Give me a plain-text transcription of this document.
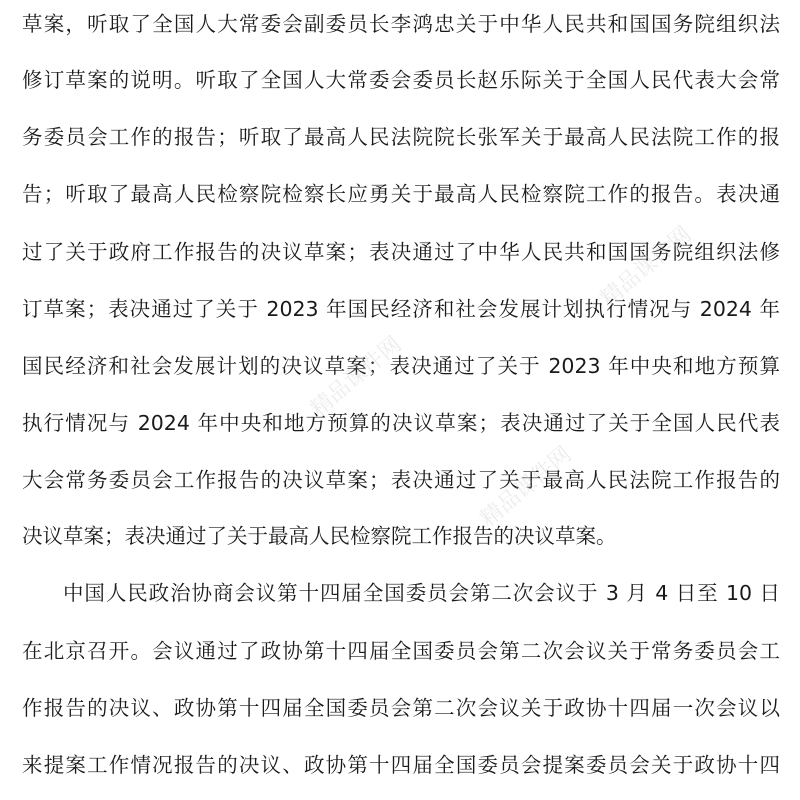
草案，听取了全国人大常委会副委员长李鸿忠关于中华人民共和国国务院组织法
修订草案的说明。听取了全国人大常委会委员长赵乐际关于全国人民代表大会常
务委员会工作的报告；听取了最高人民法院院长张军关于最高人民法院工作的报
告；听取了最高人民检察院检察长应勇关于最高人民检察院工作的报告。表决通
过了关于政府工作报告的决议草案；表决通过了中华人民共和国国务院组织法修
订草案；表决通过了关于 2023 年国民经济和社会发展计划执行情况与 2024 年
国民经济和社会发展计划的决议草案；表决通过了关于 2023 年中央和地方预算
执行情况与 2024 年中央和地方预算的决议草案；表决通过了关于全国人民代表
大会常务委员会工作报告的决议草案；表决通过了关于最高人民法院工作报告的
决议草案；表决通过了关于最高人民检察院工作报告的决议草案。
中国人民政治协商会议第十四届全国委员会第二次会议于 3 月 4 日至 10 日
在北京召开。会议通过了政协第十四届全国委员会第二次会议关于常务委员会工
作报告的决议、政协第十四届全国委员会第二次会议关于政协十四届一次会议以
来提案工作情况报告的决议、政协第十四届全国委员会提案委员会关于政协十四
精品课件网
精品课件网
精品课件网
